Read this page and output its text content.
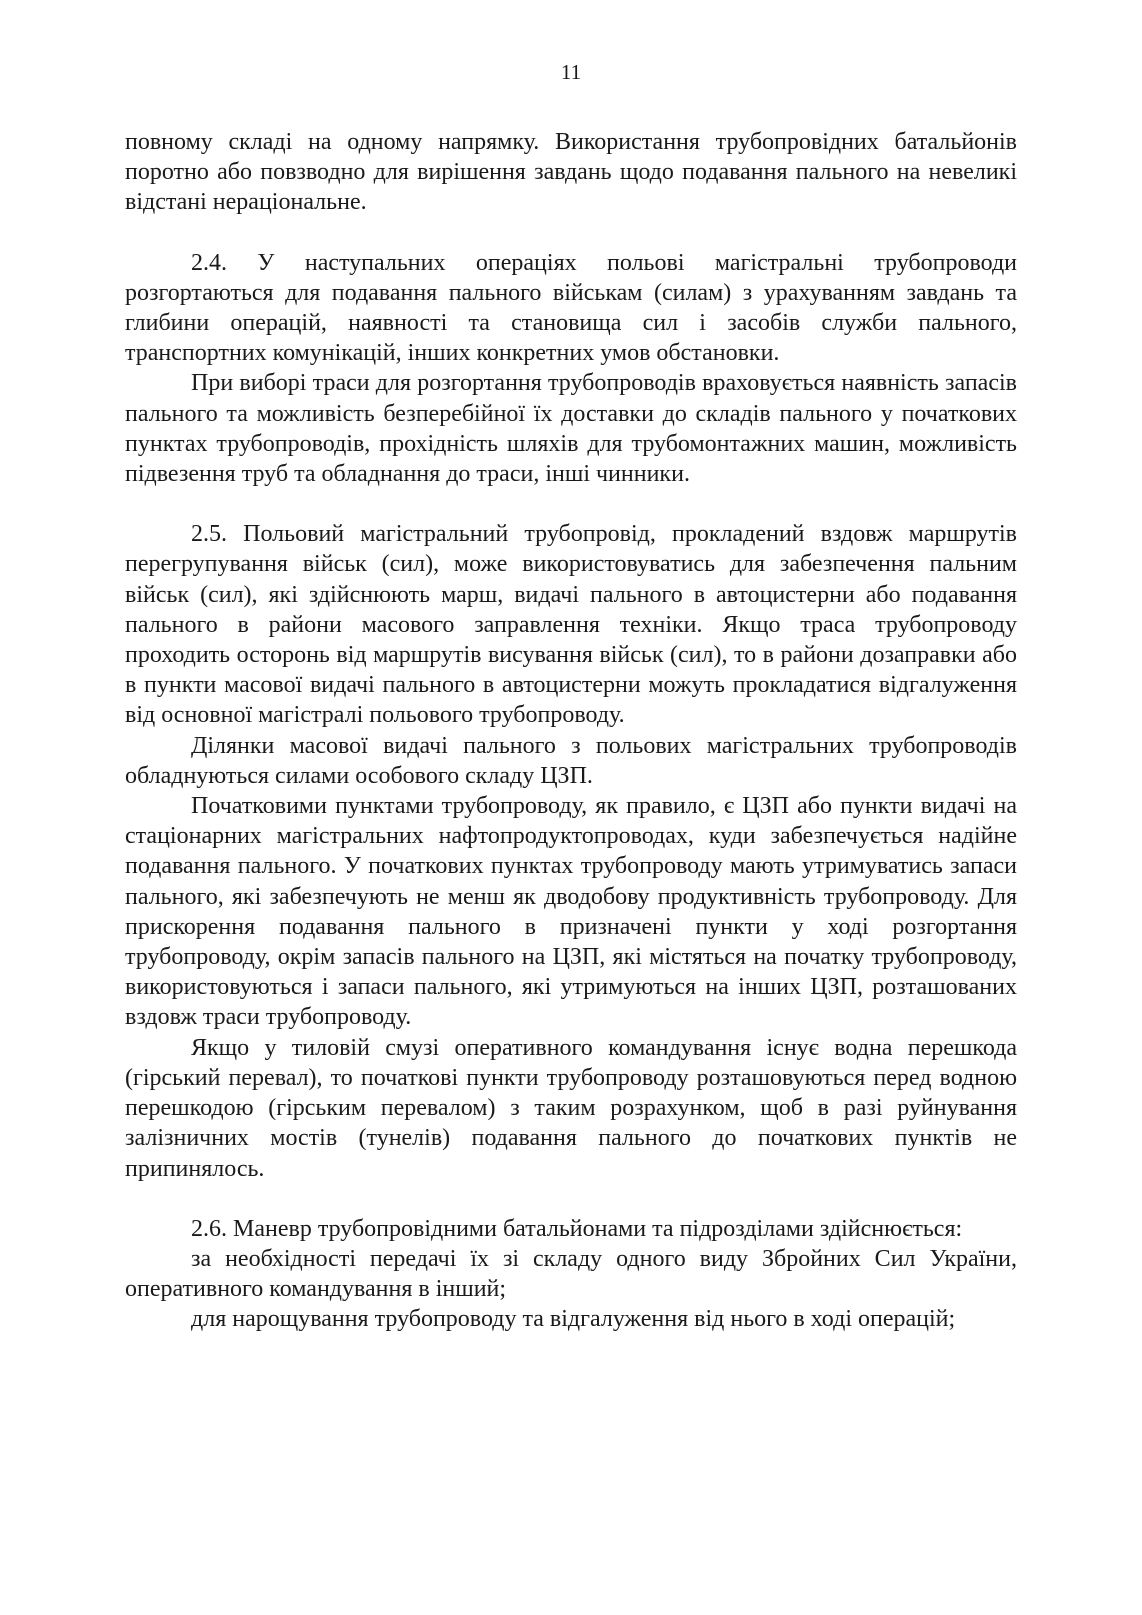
11

повному складі на одному напрямку. Використання трубопровідних батальйонів поротно або повзводно для вирішення завдань щодо подавання пального на невеликі відстані нераціональне.

2.4. У наступальних операціях польові магістральні трубопроводи розгортаються для подавання пального військам (силам) з урахуванням завдань та глибини операцій, наявності та становища сил і засобів служби пального, транспортних комунікацій, інших конкретних умов обстановки.

При виборі траси для розгортання трубопроводів враховується наявність запасів пального та можливість безперебійної їх доставки до складів пального у початкових пунктах трубопроводів, прохідність шляхів для трубомонтажних машин, можливість підвезення труб та обладнання до траси, інші чинники.

2.5. Польовий магістральний трубопровід, прокладений вздовж маршрутів перегрупування військ (сил), може використовуватись для забезпечення пальним військ (сил), які здійснюють марш, видачі пального в автоцистерни або подавання пального в райони масового заправлення техніки. Якщо траса трубопроводу проходить осторонь від маршрутів висування військ (сил), то в райони дозаправки або в пункти масової видачі пального в автоцистерни можуть прокладатися відгалуження від основної магістралі польового трубопроводу.

Ділянки масової видачі пального з польових магістральних трубопроводів обладнуються силами особового складу ЦЗП.

Початковими пунктами трубопроводу, як правило, є ЦЗП або пункти видачі на стаціонарних магістральних нафтопродуктопроводах, куди забезпечується надійне подавання пального. У початкових пунктах трубопроводу мають утримуватись запаси пального, які забезпечують не менш як дводобову продуктивність трубопроводу. Для прискорення подавання пального в призначені пункти у ході розгортання трубопроводу, окрім запасів пального на ЦЗП, які містяться на початку трубопроводу, використовуються і запаси пального, які утримуються на інших ЦЗП, розташованих вздовж траси трубопроводу.

Якщо у тиловій смузі оперативного командування існує водна перешкода (гірський перевал), то початкові пункти трубопроводу розташовуються перед водною перешкодою (гірським перевалом) з таким розрахунком, щоб в разі руйнування залізничних мостів (тунелів) подавання пального до початкових пунктів не припинялось.

2.6. Маневр трубопровідними батальйонами та підрозділами здійснюється:

за необхідності передачі їх зі складу одного виду Збройних Сил України, оперативного командування в інший;

для нарощування трубопроводу та відгалуження від нього в ході операцій;
